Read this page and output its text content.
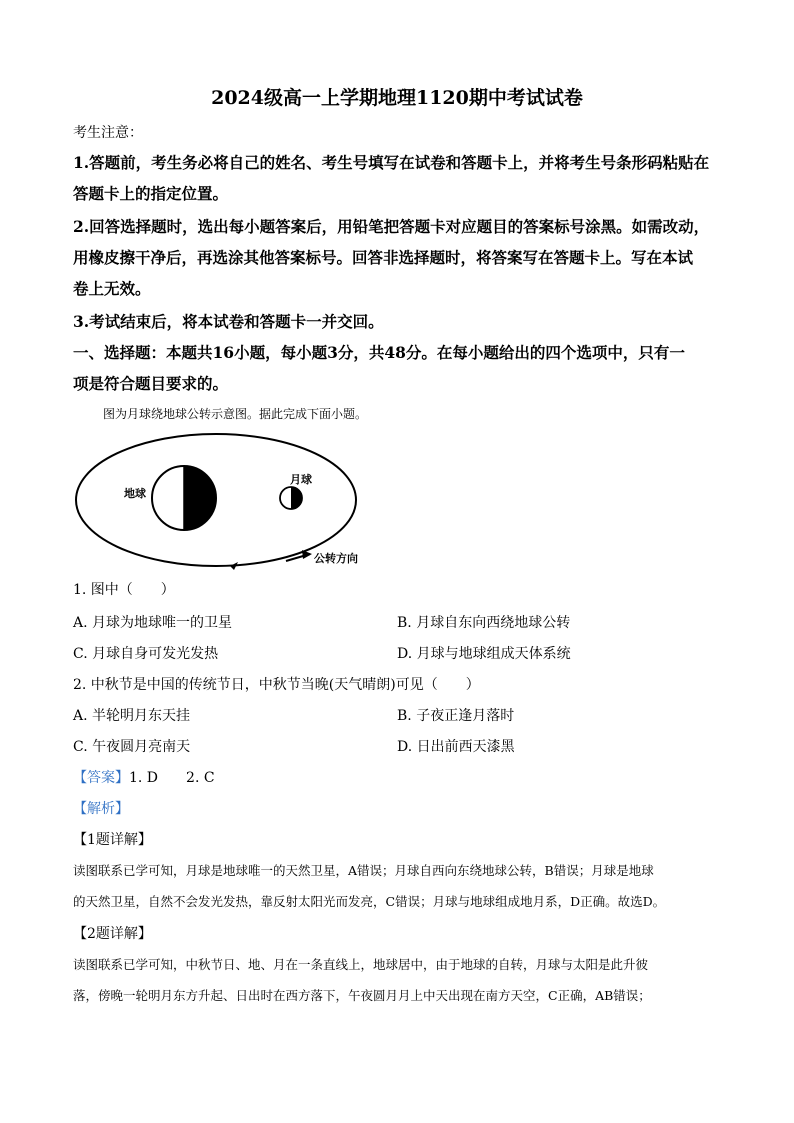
2024级高一上学期地理1120期中考试试卷
考生注意：
1.答题前，考生务必将自己的姓名、考生号填写在试卷和答题卡上，并将考生号条形码粘贴在
答题卡上的指定位置。
2.回答选择题时，选出每小题答案后，用铅笔把答题卡对应题目的答案标号涂黑。如需改动，
用橡皮擦干净后，再选涂其他答案标号。回答非选择题时，将答案写在答题卡上。写在本试
卷上无效。
3.考试结束后，将本试卷和答题卡一并交回。
一、选择题：本题共16小题，每小题3分，共48分。在每小题给出的四个选项中，只有一
项是符合题目要求的。
图为月球绕地球公转示意图。据此完成下面小题。
地球
月球
公转方向
1. 图中（　　）
A. 月球为地球唯一的卫星	B. 月球自东向西绕地球公转
C. 月球自身可发光发热	D. 月球与地球组成天体系统
2. 中秋节是中国的传统节日，中秋节当晚(天气晴朗)可见（　　）
A. 半轮明月东天挂	B. 子夜正逢月落时
C. 午夜圆月亮南天	D. 日出前西天漆黑
【答案】1. D　　2. C
【解析】
【1题详解】
读图联系已学可知，月球是地球唯一的天然卫星，A错误；月球自西向东绕地球公转，B错误；月球是地球
的天然卫星，自然不会发光发热，靠反射太阳光而发亮，C错误；月球与地球组成地月系，D正确。故选D。
【2题详解】
读图联系已学可知，中秋节日、地、月在一条直线上，地球居中，由于地球的自转，月球与太阳是此升彼
落，傍晚一轮明月东方升起、日出时在西方落下，午夜圆月月上中天出现在南方天空，C正确，AB错误；
